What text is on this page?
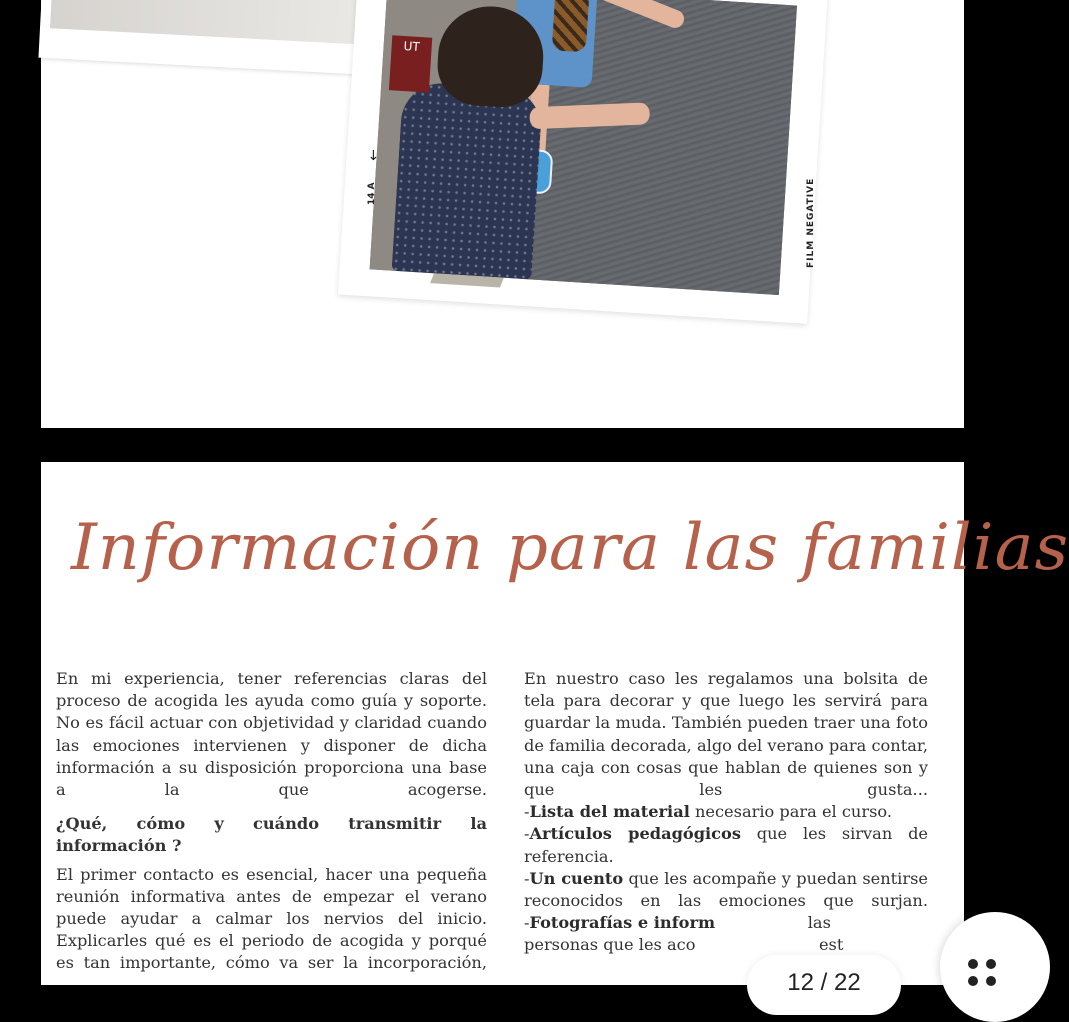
UT
→
14 A	FILM NEGATIVE
Información para las familias

En mi experiencia, tener referencias claras del proceso de acogida les ayuda como guía y soporte. No es fácil actuar con objetividad y claridad cuando las emociones intervienen y disponer de dicha información a su disposición proporciona una base a la que acogerse.

¿Qué, cómo y cuándo transmitir la

información ?

El primer contacto es esencial, hacer una pequeña reunión informativa antes de empezar el verano puede ayudar a calmar los nervios del inicio.

Explicarles qué es el periodo de acogida y porqué es tan importante, cómo va ser la incorporación,

En nuestro caso les regalamos una bolsita de tela para decorar y que luego les servirá para guardar la muda. También pueden traer una foto de familia decorada, algo del verano para contar, una caja con cosas que hablan de quienes son y que les gusta...

-Lista del material necesario para el curso.

-Artículos pedagógicos que les sirvan de referencia.

-Un cuento que les acompañe y puedan sentirse reconocidos en las emociones que surjan.

-Fotografías e inform                  las

personas que les aco                        est

12 / 22
